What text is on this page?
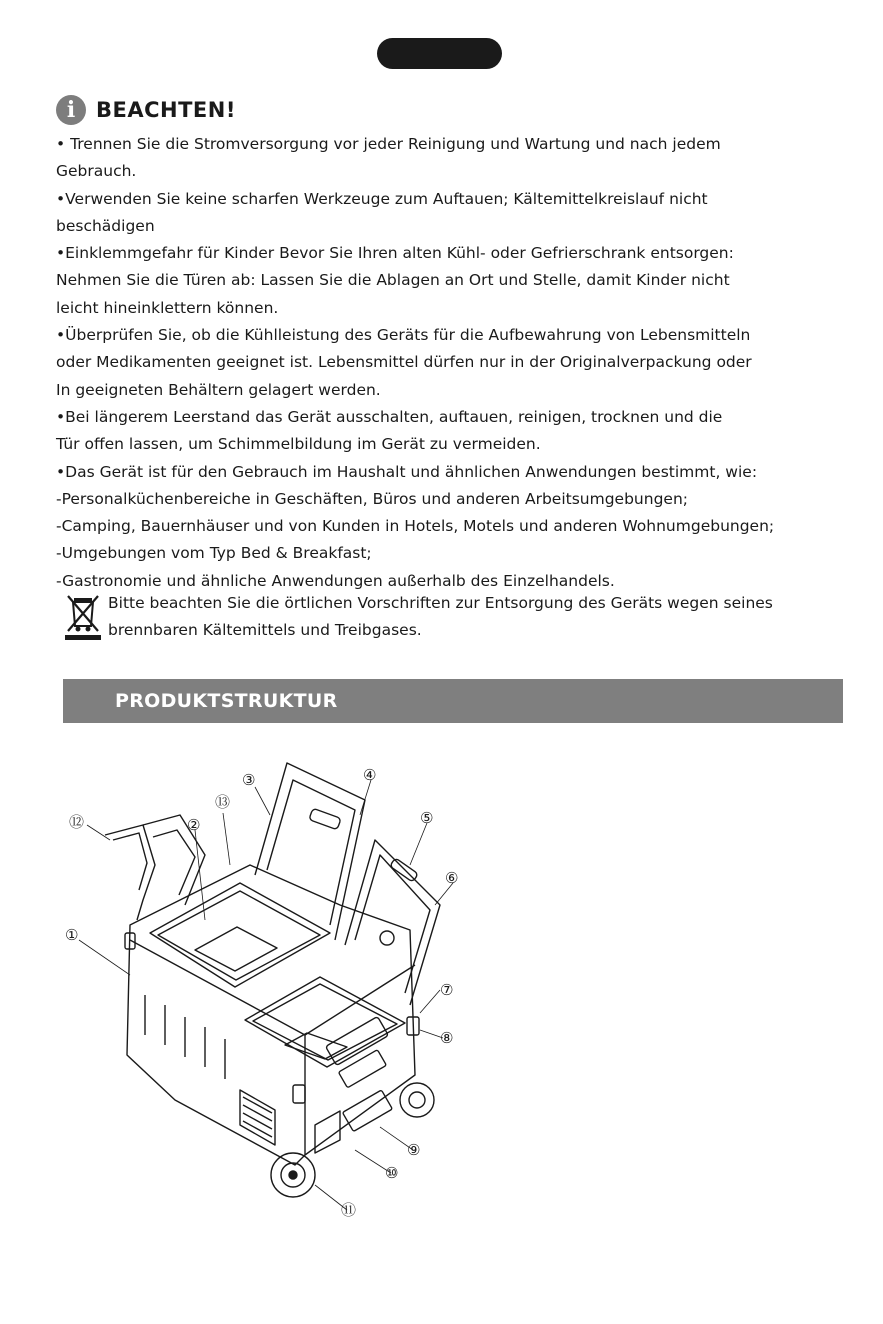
i BEACHTEN!
• Trennen Sie die Stromversorgung vor jeder Reinigung und Wartung und nach jedem
Gebrauch.
•Verwenden Sie keine scharfen Werkzeuge zum Auftauen; Kältemittelkreislauf nicht
beschädigen
•Einklemmgefahr für Kinder Bevor Sie Ihren alten Kühl- oder Gefrierschrank entsorgen:
Nehmen Sie die Türen ab: Lassen Sie die Ablagen an Ort und Stelle, damit Kinder nicht
leicht hineinklettern können.
•Überprüfen Sie, ob die Kühlleistung des Geräts für die Aufbewahrung von Lebensmitteln
oder Medikamenten geeignet ist. Lebensmittel dürfen nur in der Originalverpackung oder
In geeigneten Behältern gelagert werden.
•Bei längerem Leerstand das Gerät ausschalten, auftauen, reinigen, trocknen und die
Tür offen lassen, um Schimmelbildung im Gerät zu vermeiden.
•Das Gerät ist für den Gebrauch im Haushalt und ähnlichen Anwendungen bestimmt, wie:
-Personalküchenbereiche in Geschäften, Büros und anderen Arbeitsumgebungen;
-Camping, Bauernhäuser und von Kunden in Hotels, Motels und anderen Wohnumgebungen;
-Umgebungen vom Typ Bed & Breakfast;
-Gastronomie und ähnliche Anwendungen außerhalb des Einzelhandels.
Bitte beachten Sie die örtlichen Vorschriften zur Entsorgung des Geräts wegen seines
brennbaren Kältemittels und Treibgases.
PRODUKTSTRUKTUR
①
②
③	④
⑤
⑥
⑦
⑧
⑨
⑩
⑪
⑫
⑬
